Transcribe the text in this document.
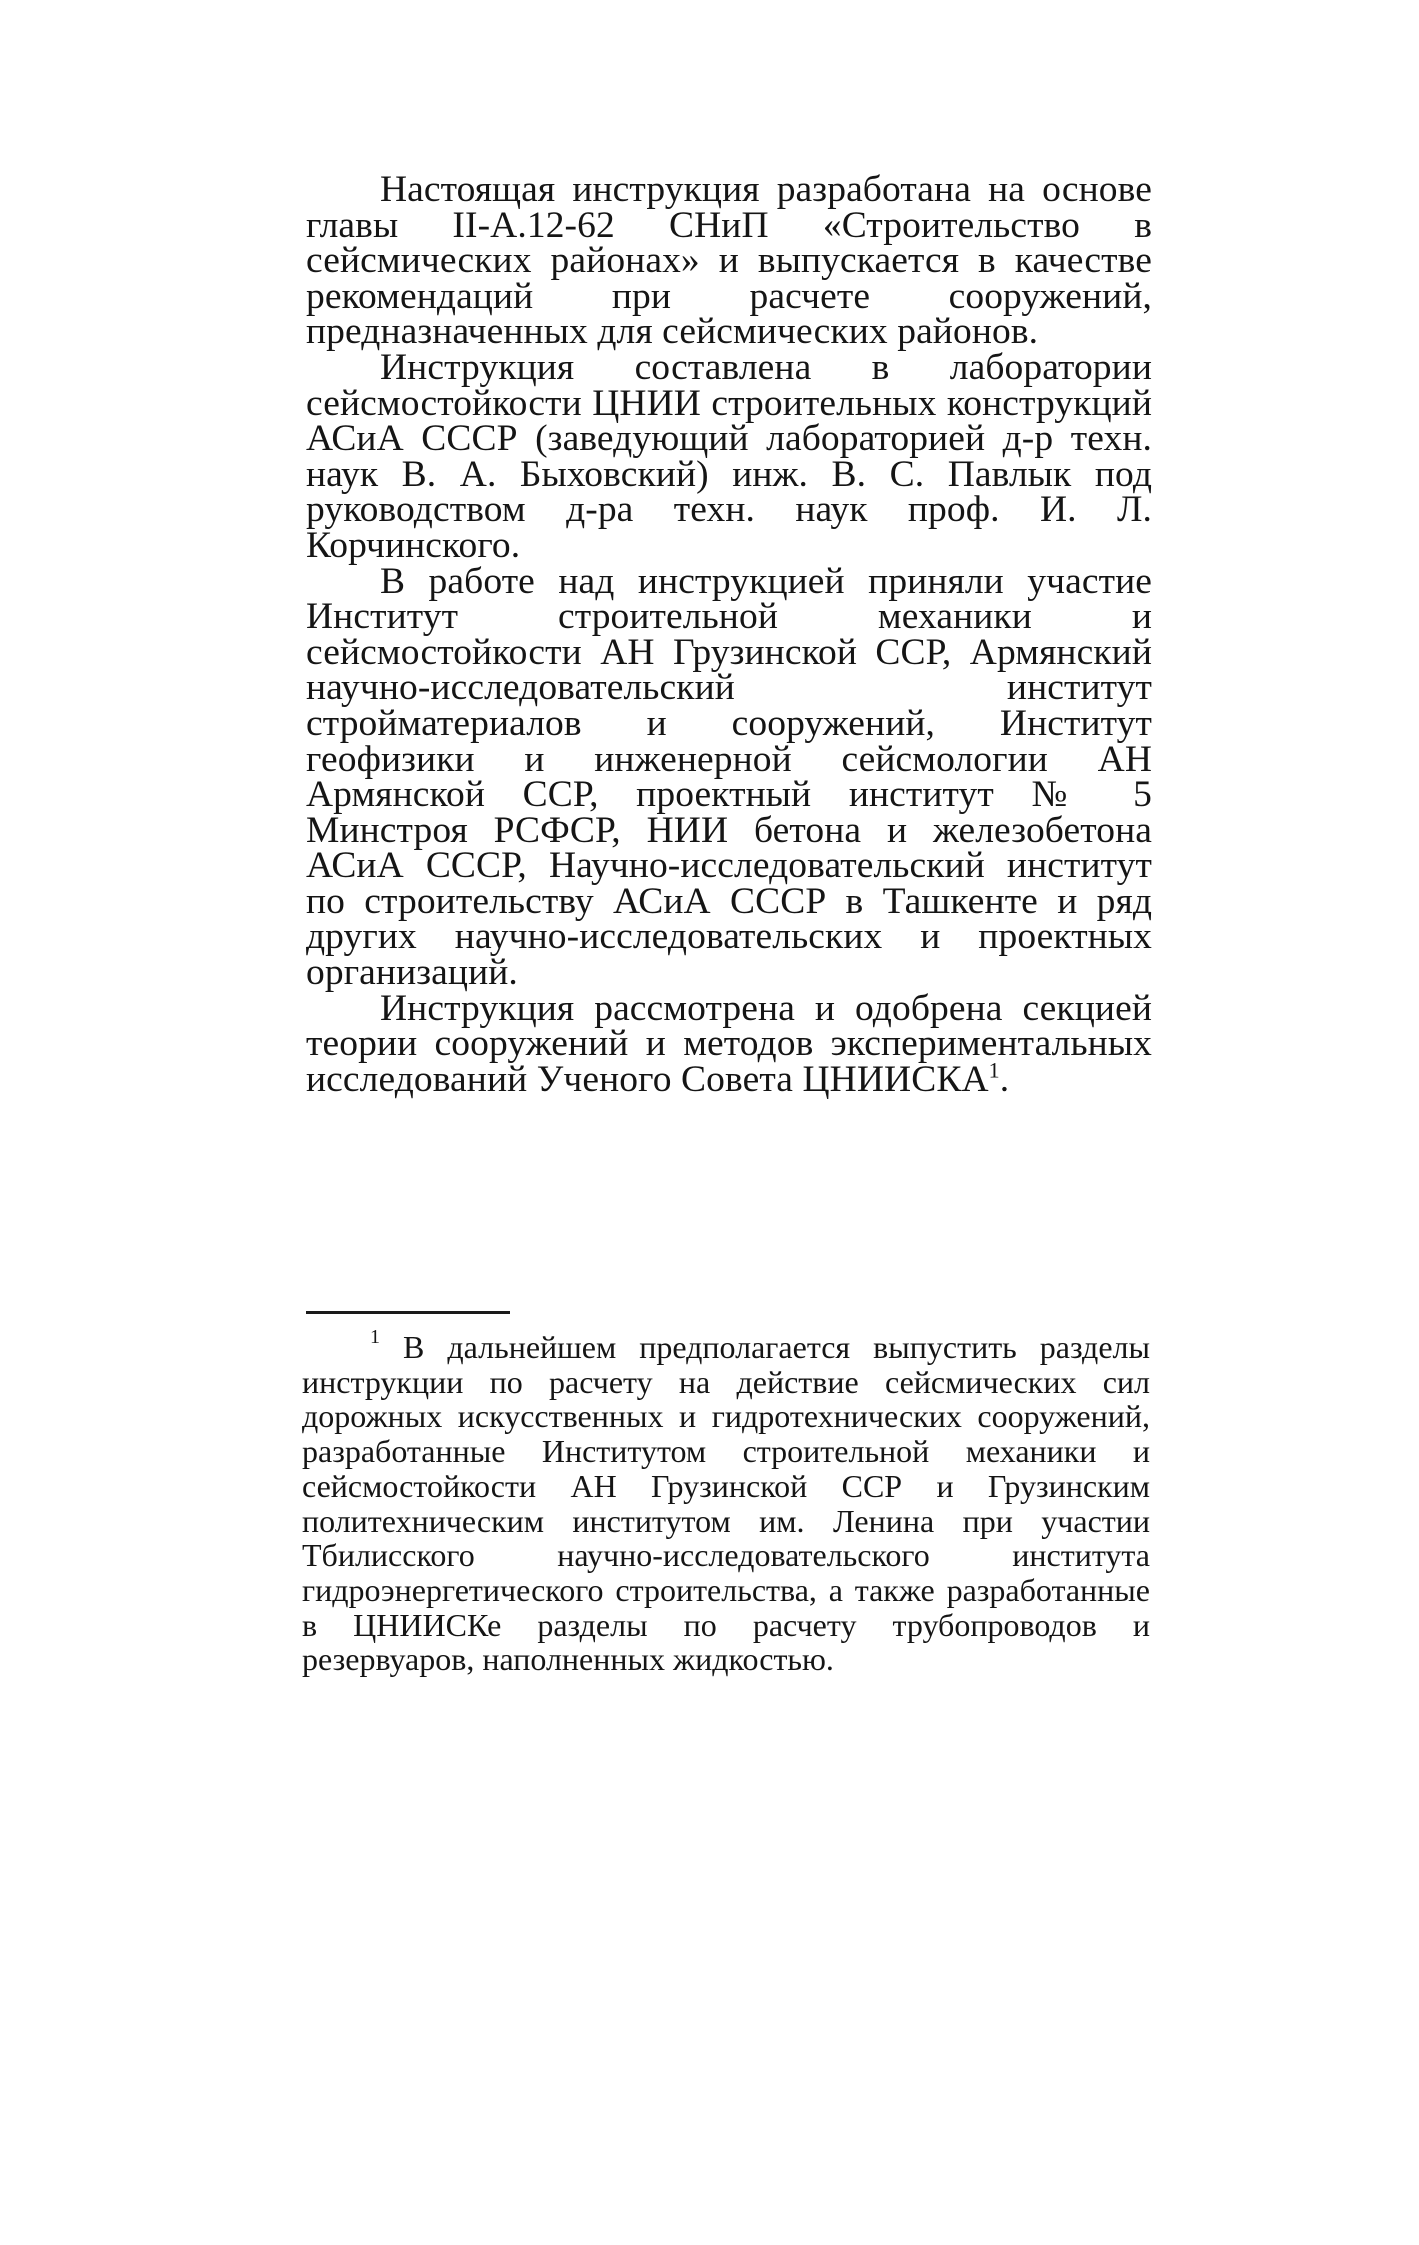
Настоящая инструкция разработана на основе главы II-А.12-62 СНиП «Строительство в сейсмических районах» и выпускается в качестве рекомендаций при расчете сооружений, предназначенных для сейсмических районов.

Инструкция составлена в лаборатории сейсмостойкости ЦНИИ строительных конструкций АСиА СССР (заведующий лабораторией д-р техн. наук В. А. Быховский) инж. В. С. Павлык под руководством д-ра техн. наук проф. И. Л. Корчинского.

В работе над инструкцией приняли участие Институт строительной механики и сейсмостойкости АН Грузинской ССР, Армянский научно-исследовательский институт стройматериалов и сооружений, Институт геофизики и инженерной сейсмологии АН Армянской ССР, проектный институт № 5 Минстроя РСФСР, НИИ бетона и железобетона АСиА СССР, Научно-исследовательский институт по строительству АСиА СССР в Ташкенте и ряд других научно-исследовательских и проектных организаций.

Инструкция рассмотрена и одобрена секцией теории сооружений и методов экспериментальных исследований Ученого Совета ЦНИИСКА$^1$.

$^1$ В дальнейшем предполагается выпустить разделы инструкции по расчету на действие сейсмических сил дорожных искусственных и гидротехнических сооружений, разработанные Институтом строительной механики и сейсмостойкости АН Грузинской ССР и Грузинским политехническим институтом им. Ленина при участии Тбилисского научно-исследовательского института гидроэнергетического строительства, а также разработанные в ЦНИИСКе разделы по расчету трубопроводов и резервуаров, наполненных жидкостью.
